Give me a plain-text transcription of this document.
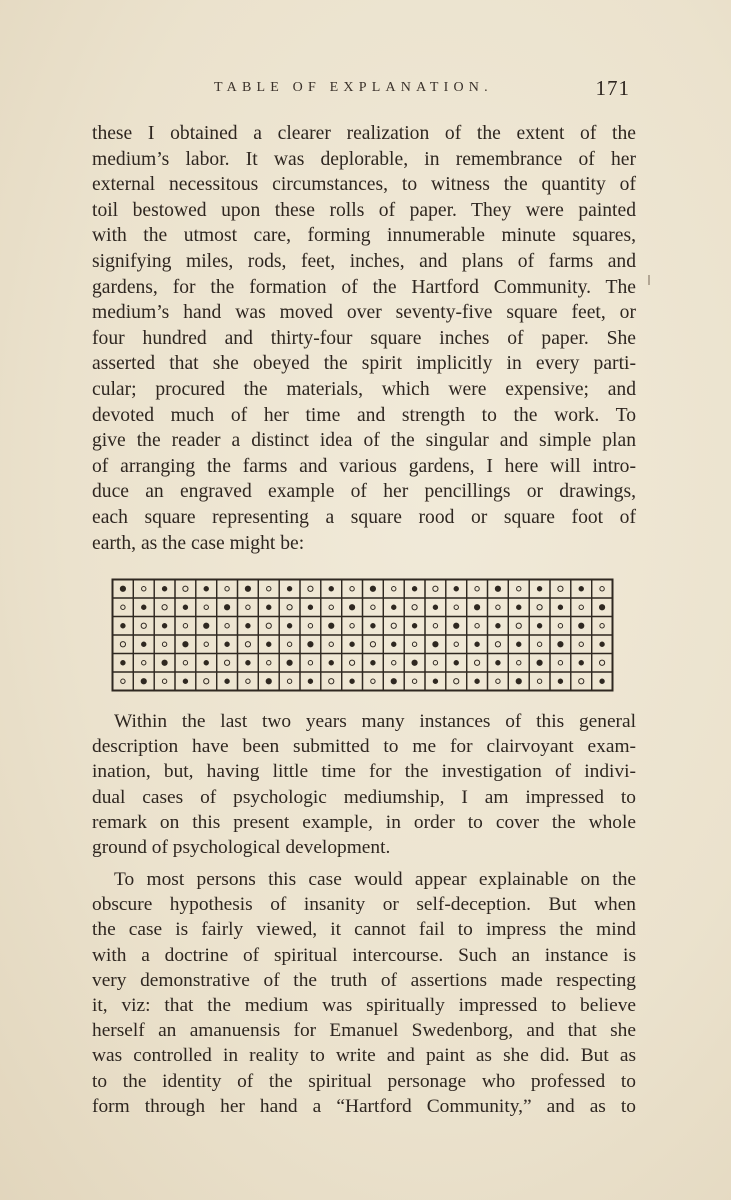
TABLE OF EXPLANATION.	171
these I obtained a clearer realization of the extent of the
medium’s labor. It was deplorable, in remembrance of her
external necessitous circumstances, to witness the quantity of
toil bestowed upon these rolls of paper. They were painted
with the utmost care, forming innumerable minute squares,
signifying miles, rods, feet, inches, and plans of farms and
gardens, for the formation of the Hartford Community. The
medium’s hand was moved over seventy-five square feet, or
four hundred and thirty-four square inches of paper. She
asserted that she obeyed the spirit implicitly in every parti-
cular; procured the materials, which were expensive; and
devoted much of her time and strength to the work. To
give the reader a distinct idea of the singular and simple plan
of arranging the farms and various gardens, I here will intro-
duce an engraved example of her pencillings or drawings,
each square representing a square rood or square foot of
earth, as the case might be:
Within the last two years many instances of this general
description have been submitted to me for clairvoyant exam-
ination, but, having little time for the investigation of indivi-
dual cases of psychologic mediumship, I am impressed to
remark on this present example, in order to cover the whole
ground of psychological development.
To most persons this case would appear explainable on the
obscure hypothesis of insanity or self-deception. But when
the case is fairly viewed, it cannot fail to impress the mind
with a doctrine of spiritual intercourse. Such an instance is
very demonstrative of the truth of assertions made respecting
it, viz: that the medium was spiritually impressed to believe
herself an amanuensis for Emanuel Swedenborg, and that she
was controlled in reality to write and paint as she did. But as
to the identity of the spiritual personage who professed to
form through her hand a “Hartford Community,” and as to
